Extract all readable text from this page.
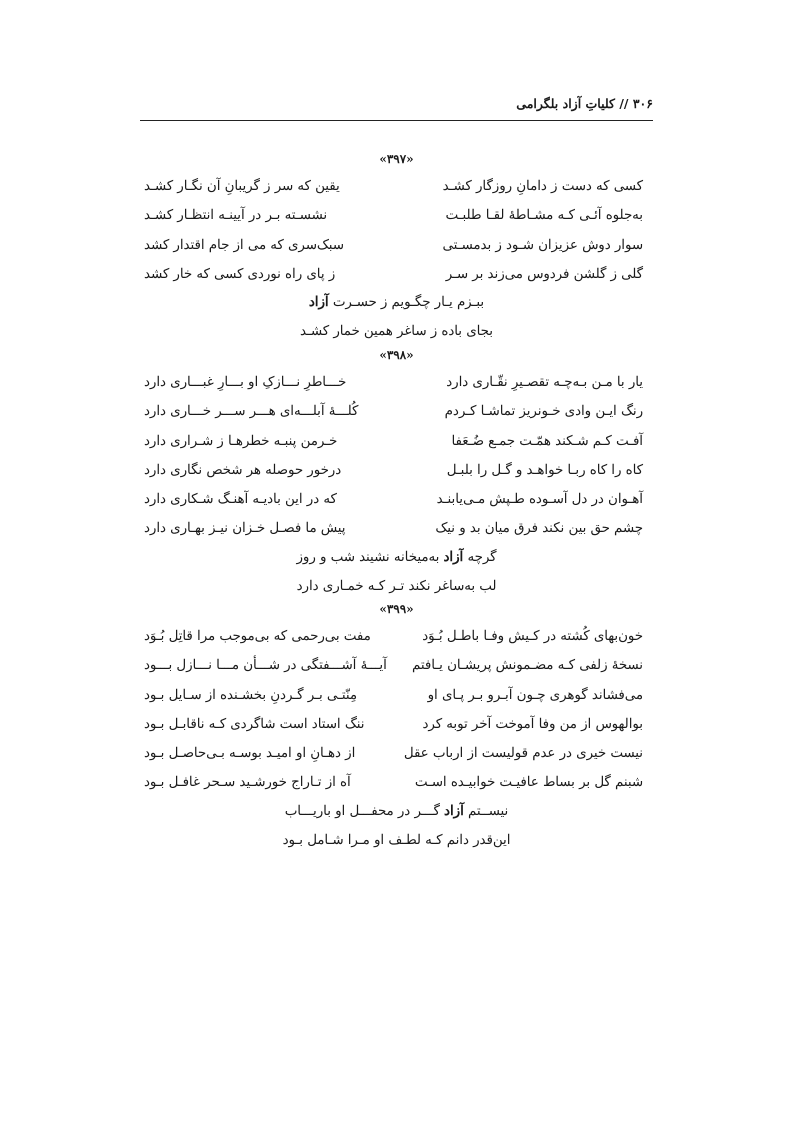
۳۰۶ // کلیاتِ آزاد بلگرامی
«۳۹۷»
کسی که دست ز دامانِ روزگار کشـد
یقین که سر ز گریبانِ آن نگـار کشـد
به‌جلوه آئـی کـه مشـاطهٔ لقـا طلبـت
نشسـته بـر در آیینـه انتظـار کشـد
سوار دوش عزیزان شـود ز بدمسـتی
سبک‌سری که می از جام اقتدار کشد
گلی ز گلشن فردوس می‌زند بر سـر
ز پای راه نوردی کسی که خار کشد
ببـزم یـار چگـویم ز حسـرت آزاد
بجای باده ز ساغر همین خمار کشـد
«۳۹۸»
یار با مـن بـه‌چـه تقصـیرِ نقّـاری دارد
خـــاطرِ نـــازکِ او بـــارِ غبـــاری دارد
رنگ ایـن وادی خـونریز تماشـا کـردم
کُلـــهٔ آبلـــه‌ای هـــر ســـر خـــاری دارد
آفـت کـم شـکند همّـت جمـع ضُـعَفا
خـرمن پنبـه خطرهـا ز شـراری دارد
کاه را کاه ربـا خواهـد و گـل را بلبـل
درخور حوصله هر شخص نگاری دارد
آهـوان در دل آسـوده طـپش مـی‌یابنـد
که در این بادیـه آهنـگ شـکاری دارد
چشم حق بین نکند فرق میان بد و نیک
پیش ما فصـل خـزان نیـز بهـاری دارد
گرچه آزاد به‌میخانه نشیند شب و روز
لب به‌ساغر نکند تـر کـه خمـاری دارد
«۳۹۹»
خون‌بهای کُشته در کـیش وفـا باطـل بُـوَد
مفت بی‌رحمی که بی‌موجب مرا قاتِل بُـوَد
نسخهٔ زلفی کـه مضـمونش پریشـان یـافتم
آیـــهٔ آشـــفتگی در شـــأن مـــا نـــازل بـــود
می‌فشاند گوهری چـون آبـرو بـر پـای او
مِنّتـی بـر گـردنِ بخشـنده از سـایل بـود
بوالهوس از من وفا آموخت آخر توبه کرد
ننگ استاد است شاگردی کـه ناقابـل بـود
نیست خیری در عدم قولیست از ارباب عقل
از دهـانِ او امیـد بوسـه بـی‌حاصـل بـود
شبنم گل بر بساط عافیـت خوابیـده اسـت
آه از تـاراج خورشـید سـحر غافـل بـود
نیســتم آزاد گـــر در محفـــل او باریـــاب
این‌قدر دانم کـه لطـف او مـرا شـامل بـود
